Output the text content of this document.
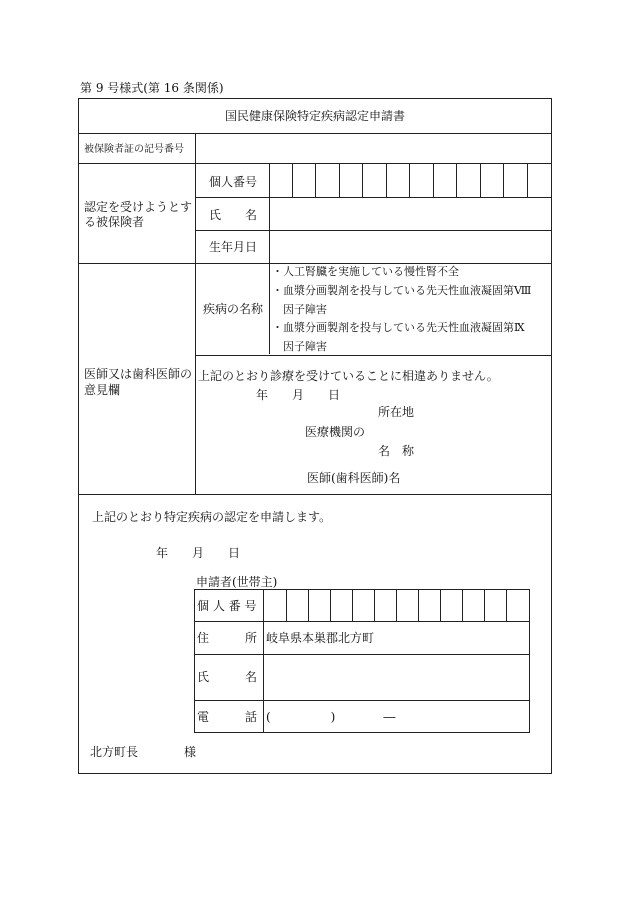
第 9 号様式(第 16 条関係)
国民健康保険特定疾病認定申請書
被保険者証の記号番号
認定を受けようとする被保険者
個人番号
氏　　名
生年月日
医師又は歯科医師の意見欄
疾病の名称
・人工腎臓を実施している慢性腎不全
・血漿分画製剤を投与している先天性血液凝固第Ⅷ
　因子障害
・血漿分画製剤を投与している先天性血液凝固第Ⅸ
　因子障害
上記のとおり診療を受けていることに相違ありません。
年　　月　　日
所在地
医療機関の
名　称
医師(歯科医師)名
上記のとおり特定疾病の認定を申請します。
年　　月　　日
申請者(世帯主)
個 人 番 号
住　　　所 岐阜県本巣郡北方町
氏　　　名
電　　　話 (　　　　　)　　　　―
北方町長	様
